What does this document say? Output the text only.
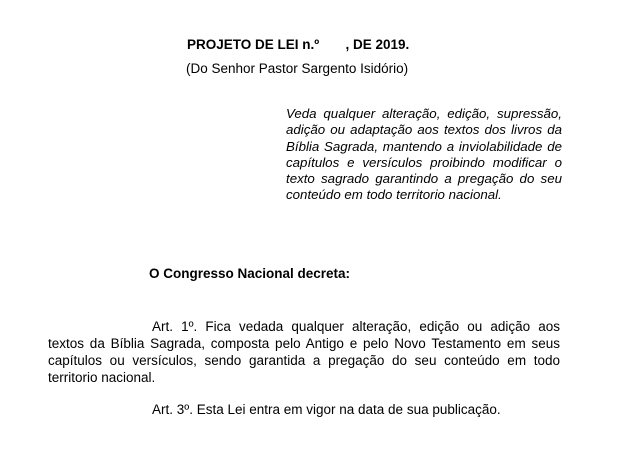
PROJETO DE LEI n.º       , DE 2019.
(Do Senhor Pastor Sargento Isidório)
Veda qualquer alteração, edição, supressão, adição ou adaptação aos textos dos livros da Bíblia Sagrada, mantendo a inviolabilidade de capítulos e versículos proibindo modificar o texto sagrado garantindo a pregação do seu conteúdo em todo territorio nacional.
O Congresso Nacional decreta:
Art. 1º. Fica vedada qualquer alteração, edição ou adição aos textos da Bíblia Sagrada, composta pelo Antigo e pelo Novo Testamento em seus capítulos ou versículos, sendo garantida a pregação do seu conteúdo em todo territorio nacional.
Art. 3º. Esta Lei entra em vigor na data de sua publicação.
